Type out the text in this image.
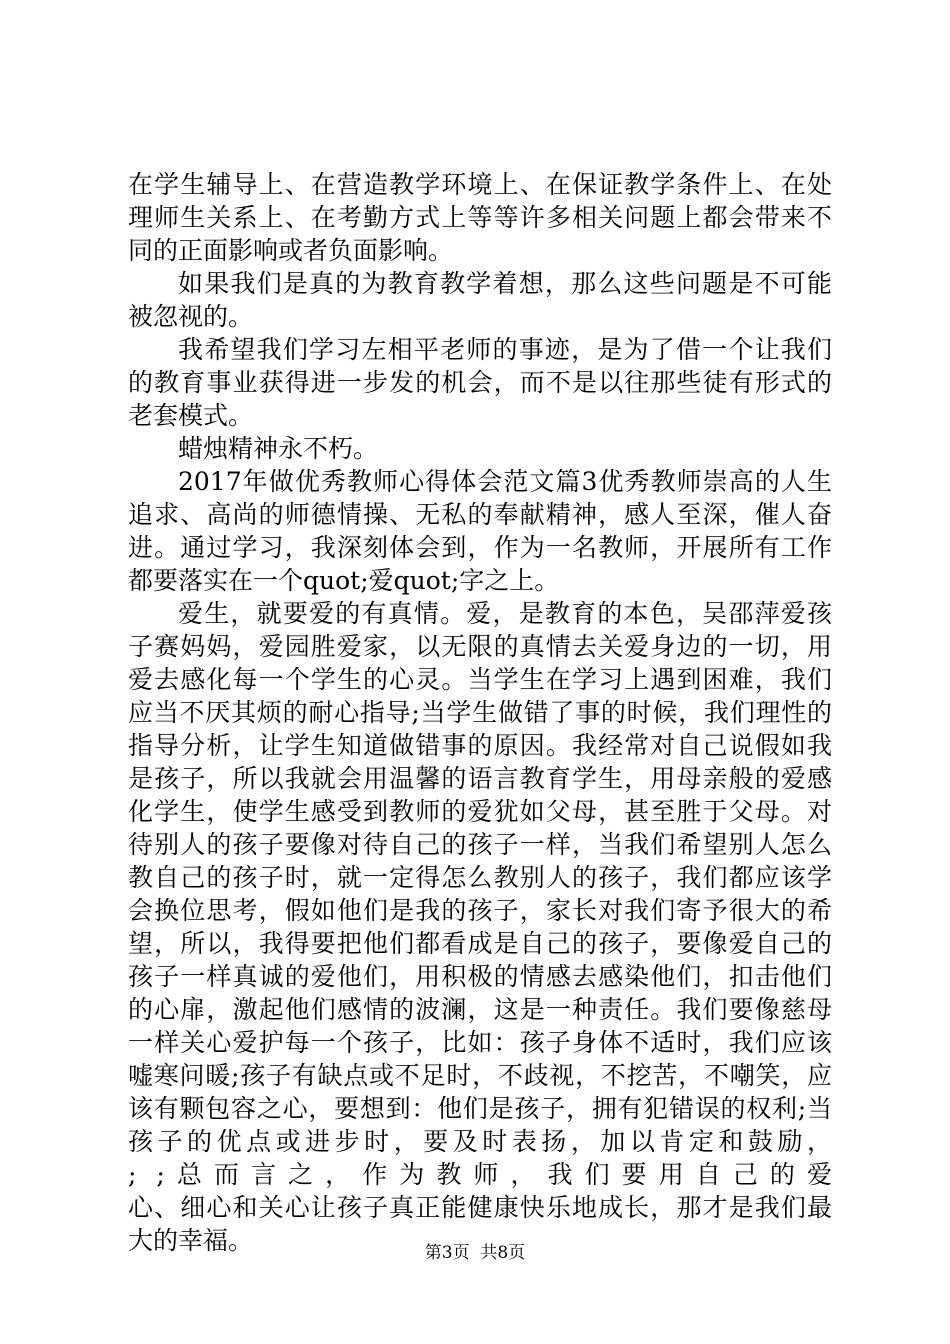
在学生辅导上、在营造教学环境上、在保证教学条件上、在处
理师生关系上、在考勤方式上等等许多相关问题上都会带来不
同的正面影响或者负面影响。
如果我们是真的为教育教学着想，那么这些问题是不可能
被忽视的。
我希望我们学习左相平老师的事迹，是为了借一个让我们
的教育事业获得进一步发的机会，而不是以往那些徒有形式的
老套模式。
蜡烛精神永不朽。
2017年做优秀教师心得体会范文篇3优秀教师崇高的人生
追求、高尚的师德情操、无私的奉献精神，感人至深，催人奋
进。通过学习，我深刻体会到，作为一名教师，开展所有工作
都要落实在一个quot;爱quot;字之上。
爱生，就要爱的有真情。爱，是教育的本色，吴邵萍爱孩
子赛妈妈，爱园胜爱家，以无限的真情去关爱身边的一切，用
爱去感化每一个学生的心灵。当学生在学习上遇到困难，我们
应当不厌其烦的耐心指导;当学生做错了事的时候，我们理性的
指导分析，让学生知道做错事的原因。我经常对自己说假如我
是孩子，所以我就会用温馨的语言教育学生，用母亲般的爱感
化学生，使学生感受到教师的爱犹如父母，甚至胜于父母。对
待别人的孩子要像对待自己的孩子一样，当我们希望别人怎么
教自己的孩子时，就一定得怎么教别人的孩子，我们都应该学
会换位思考，假如他们是我的孩子，家长对我们寄予很大的希
望，所以，我得要把他们都看成是自己的孩子，要像爱自己的
孩子一样真诚的爱他们，用积极的情感去感染他们，扣击他们
的心扉，激起他们感情的波澜，这是一种责任。我们要像慈母
一样关心爱护每一个孩子，比如：孩子身体不适时，我们应该
嘘寒问暖;孩子有缺点或不足时，不歧视，不挖苦，不嘲笑，应
该有颗包容之心，要想到：他们是孩子，拥有犯错误的权利;当
孩子的优点或进步时，要及时表扬，加以肯定和鼓励，
; ;总而言之，作为教师，我们要用自己的爱
心、细心和关心让孩子真正能健康快乐地成长，那才是我们最
大的幸福。	第3页  共8页
